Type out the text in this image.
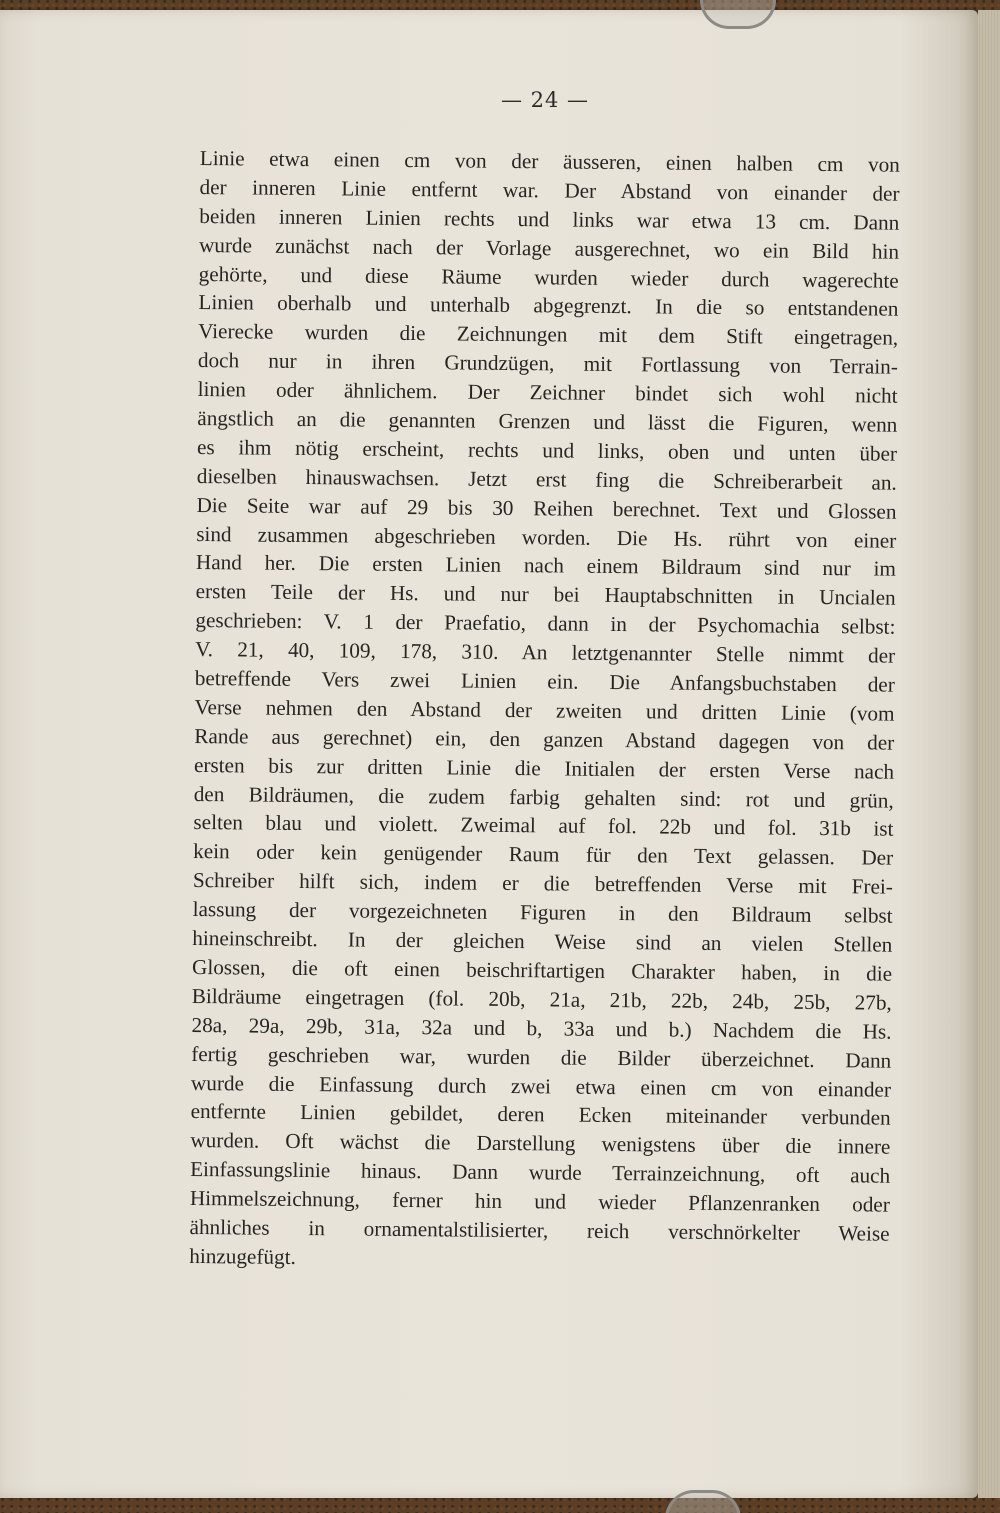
— 24 —
Linie etwa einen cm von der äusseren, einen halben cm von
der inneren Linie entfernt war. Der Abstand von einander der
beiden inneren Linien rechts und links war etwa 13 cm. Dann
wurde zunächst nach der Vorlage ausgerechnet, wo ein Bild hin
gehörte, und diese Räume wurden wieder durch wagerechte
Linien oberhalb und unterhalb abgegrenzt. In die so entstandenen
Vierecke wurden die Zeichnungen mit dem Stift eingetragen,
doch nur in ihren Grundzügen, mit Fortlassung von Terrain-
linien oder ähnlichem. Der Zeichner bindet sich wohl nicht
ängstlich an die genannten Grenzen und lässt die Figuren, wenn
es ihm nötig erscheint, rechts und links, oben und unten über
dieselben hinauswachsen. Jetzt erst fing die Schreiberarbeit an.
Die Seite war auf 29 bis 30 Reihen berechnet. Text und Glossen
sind zusammen abgeschrieben worden. Die Hs. rührt von einer
Hand her. Die ersten Linien nach einem Bildraum sind nur im
ersten Teile der Hs. und nur bei Hauptabschnitten in Uncialen
geschrieben: V. 1 der Praefatio, dann in der Psychomachia selbst:
V. 21, 40, 109, 178, 310. An letztgenannter Stelle nimmt der
betreffende Vers zwei Linien ein. Die Anfangsbuchstaben der
Verse nehmen den Abstand der zweiten und dritten Linie (vom
Rande aus gerechnet) ein, den ganzen Abstand dagegen von der
ersten bis zur dritten Linie die Initialen der ersten Verse nach
den Bildräumen, die zudem farbig gehalten sind: rot und grün,
selten blau und violett. Zweimal auf fol. 22b und fol. 31b ist
kein oder kein genügender Raum für den Text gelassen. Der
Schreiber hilft sich, indem er die betreffenden Verse mit Frei-
lassung der vorgezeichneten Figuren in den Bildraum selbst
hineinschreibt. In der gleichen Weise sind an vielen Stellen
Glossen, die oft einen beischriftartigen Charakter haben, in die
Bildräume eingetragen (fol. 20b, 21a, 21b, 22b, 24b, 25b, 27b,
28a, 29a, 29b, 31a, 32a und b, 33a und b.) Nachdem die Hs.
fertig geschrieben war, wurden die Bilder überzeichnet. Dann
wurde die Einfassung durch zwei etwa einen cm von einander
entfernte Linien gebildet, deren Ecken miteinander verbunden
wurden. Oft wächst die Darstellung wenigstens über die innere
Einfassungslinie hinaus. Dann wurde Terrainzeichnung, oft auch
Himmelszeichnung, ferner hin und wieder Pflanzenranken oder
ähnliches in ornamentalstilisierter, reich verschnörkelter Weise
hinzugefügt.
